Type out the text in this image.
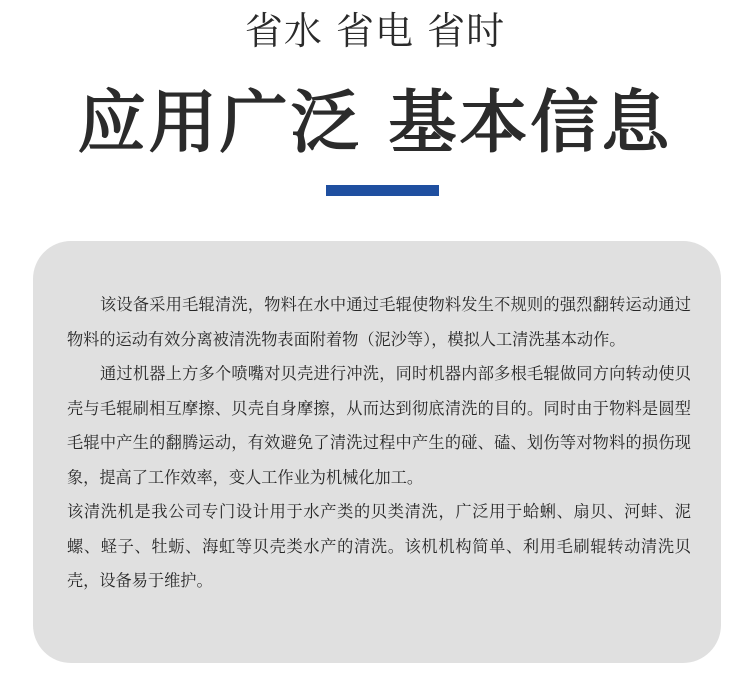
省水 省电 省时
应用广泛 基本信息

该设备采用毛辊清洗，物料在水中通过毛辊使物料发生不规则的强烈翻转运动通过物料的运动有效分离被清洗物表面附着物（泥沙等），模拟人工清洗基本动作。

通过机器上方多个喷嘴对贝壳进行冲洗，同时机器内部多根毛辊做同方向转动使贝壳与毛辊刷相互摩擦、贝壳自身摩擦，从而达到彻底清洗的目的。同时由于物料是圆型毛辊中产生的翻腾运动，有效避免了清洗过程中产生的碰、磕、划伤等对物料的损伤现象，提高了工作效率，变人工作业为机械化加工。

该清洗机是我公司专门设计用于水产类的贝类清洗，广泛用于蛤蜊、扇贝、河蚌、泥螺、蛏子、牡蛎、海虹等贝壳类水产的清洗。该机机构简单、利用毛刷辊转动清洗贝壳，设备易于维护。
